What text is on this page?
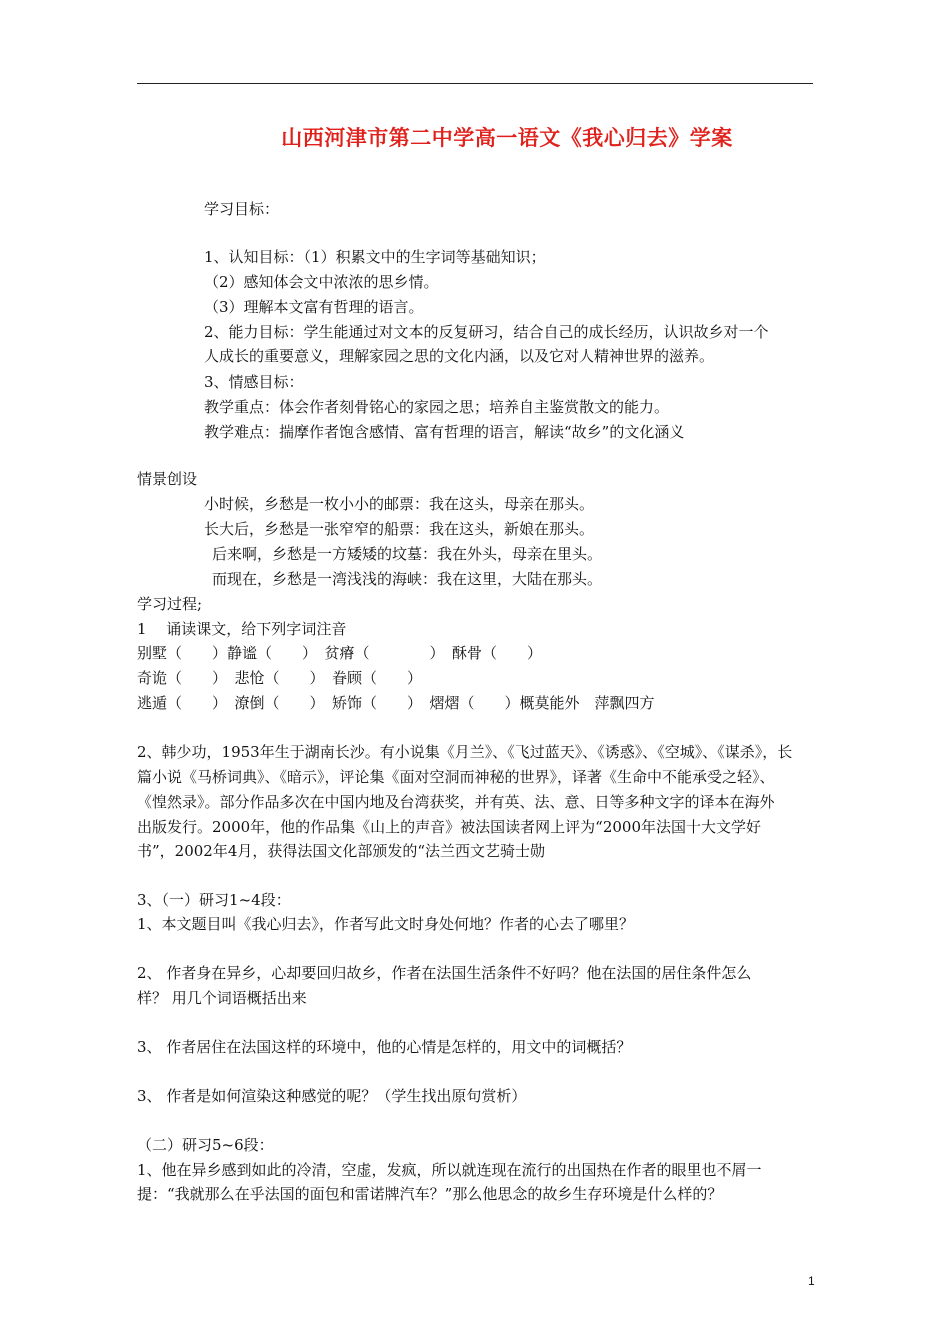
山西河津市第二中学高一语文《我心归去》学案
学习目标：
1、认知目标：（1）积累文中的生字词等基础知识；
（2）感知体会文中浓浓的思乡情。
（3）理解本文富有哲理的语言。
2、能力目标：学生能通过对文本的反复研习，结合自己的成长经历，认识故乡对一个
人成长的重要意义，理解家园之思的文化内涵，以及它对人精神世界的滋养。
3、情感目标：
教学重点：体会作者刻骨铭心的家园之思；培养自主鉴赏散文的能力。
教学难点：揣摩作者饱含感情、富有哲理的语言，解读“故乡”的文化涵义
情景创设
小时候，乡愁是一枚小小的邮票：我在这头，母亲在那头。
长大后，乡愁是一张窄窄的船票：我在这头，新娘在那头。
后来啊，乡愁是一方矮矮的坟墓：我在外头，母亲在里头。
而现在，乡愁是一湾浅浅的海峡：我在这里，大陆在那头。
学习过程;
1　 诵读课文，给下列字词注音
别墅（　　）静谧（　　）　贫瘠（　　　　）　酥骨（　　）
奇诡（　　）　悲怆（　　）　眷顾（　　）
逃遁（　　）　潦倒（　　）　矫饰（　　）　熠熠（　　）概莫能外　萍飘四方
2、韩少功，1953年生于湖南长沙。有小说集《月兰》、《飞过蓝天》、《诱惑》、《空城》、《谋杀》，长
篇小说《马桥词典》、《暗示》，评论集《面对空洞而神秘的世界》，译著《生命中不能承受之轻》、
《惶然录》。部分作品多次在中国内地及台湾获奖，并有英、法、意、日等多种文字的译本在海外
出版发行。2000年，他的作品集《山上的声音》被法国读者网上评为“2000年法国十大文学好
书”，2002年4月，获得法国文化部颁发的“法兰西文艺骑士勋
3、（一）研习1~4段：
1、本文题目叫《我心归去》，作者写此文时身处何地？作者的心去了哪里？
2、 作者身在异乡，心却要回归故乡，作者在法国生活条件不好吗？他在法国的居住条件怎么
样？ 用几个词语概括出来
3、 作者居住在法国这样的环境中，他的心情是怎样的，用文中的词概括？
3、 作者是如何渲染这种感觉的呢？（学生找出原句赏析）
（二）研习5~6段：
1、他在异乡感到如此的冷清，空虚，发疯，所以就连现在流行的出国热在作者的眼里也不屑一
提：“我就那么在乎法国的面包和雷诺牌汽车？”那么他思念的故乡生存环境是什么样的？
1
